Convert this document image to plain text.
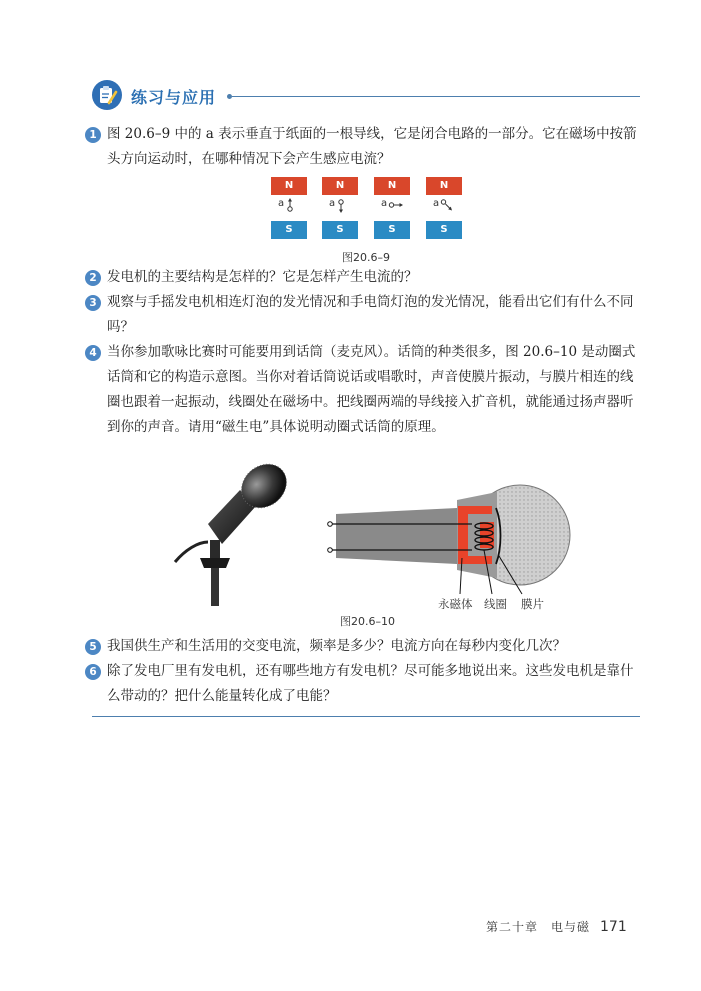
练习与应用
1 图 20.6–9 中的 a 表示垂直于纸面的一根导线，它是闭合电路的一部分。它在磁场中按箭头方向运动时，在哪种情况下会产生感应电流？
N	N	N	N
a	a	a	a
S	S	S	S
图20.6–9
2 发电机的主要结构是怎样的？它是怎样产生电流的？
3 观察与手摇发电机相连灯泡的发光情况和手电筒灯泡的发光情况，能看出它们有什么不同吗？
4 当你参加歌咏比赛时可能要用到话筒（麦克风）。话筒的种类很多，图 20.6–10 是动圈式话筒和它的构造示意图。当你对着话筒说话或唱歌时，声音使膜片振动，与膜片相连的线圈也跟着一起振动，线圈处在磁场中。把线圈两端的导线接入扩音机，就能通过扬声器听到你的声音。请用“磁生电”具体说明动圈式话筒的原理。
永磁体 线圈 膜片
图20.6–10
5 我国供生产和生活用的交变电流，频率是多少？电流方向在每秒内变化几次？
6 除了发电厂里有发电机，还有哪些地方有发电机？尽可能多地说出来。这些发电机是靠什么带动的？把什么能量转化成了电能？
第二十章　电与磁 171
